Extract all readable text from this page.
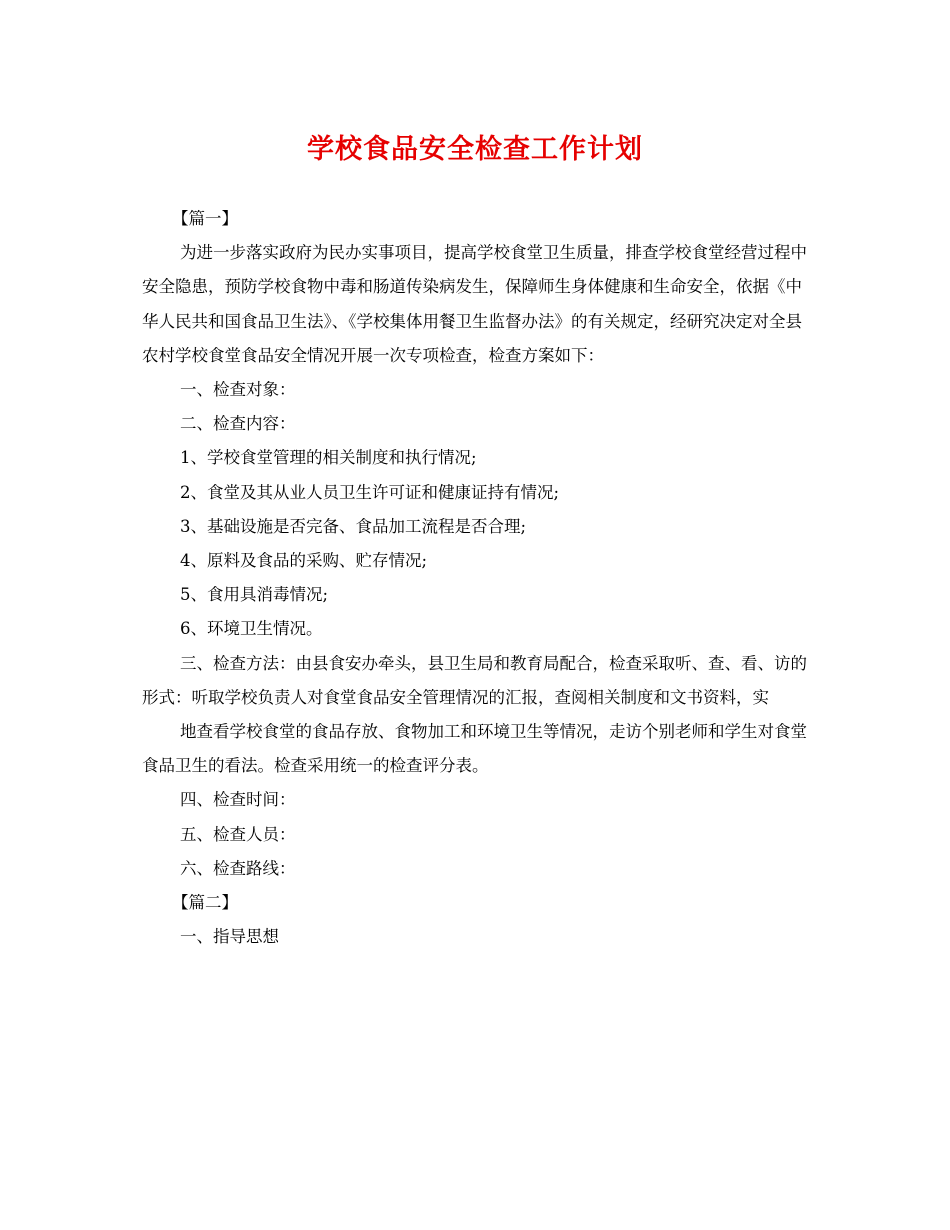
学校食品安全检查工作计划

【篇一】

为进一步落实政府为民办实事项目，提高学校食堂卫生质量，排查学校食堂经营过程中安全隐患，预防学校食物中毒和肠道传染病发生，保障师生身体健康和生命安全，依据《中华人民共和国食品卫生法》、《学校集体用餐卫生监督办法》的有关规定，经研究决定对全县农村学校食堂食品安全情况开展一次专项检查，检查方案如下：

一、检查对象：

二、检查内容：

1、学校食堂管理的相关制度和执行情况;

2、食堂及其从业人员卫生许可证和健康证持有情况;

3、基础设施是否完备、食品加工流程是否合理;

4、原料及食品的采购、贮存情况;

5、食用具消毒情况;

6、环境卫生情况。

三、检查方法：由县食安办牵头，县卫生局和教育局配合，检查采取听、查、看、访的形式：听取学校负责人对食堂食品安全管理情况的汇报，查阅相关制度和文书资料，实

地查看学校食堂的食品存放、食物加工和环境卫生等情况，走访个别老师和学生对食堂食品卫生的看法。检查采用统一的检查评分表。

四、检查时间：

五、检查人员：

六、检查路线：

【篇二】

一、指导思想
